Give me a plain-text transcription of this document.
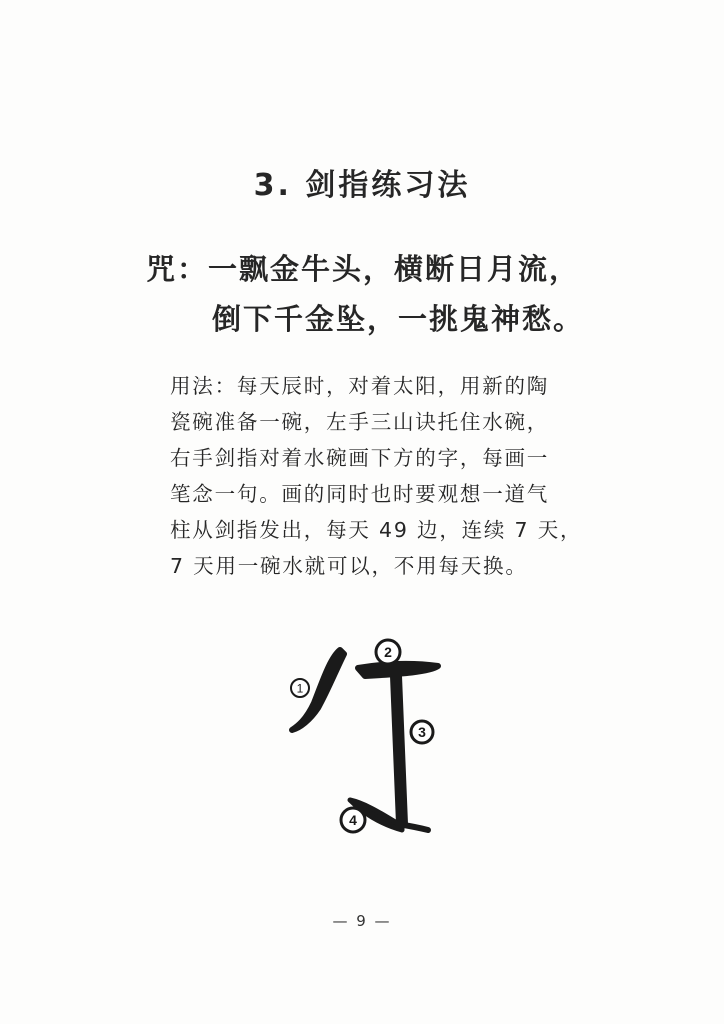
3. 剑指练习法
咒：一飘金牛头，横断日月流，
倒下千金坠，一挑鬼神愁。

用法：每天辰时，对着太阳，用新的陶

瓷碗准备一碗，左手三山诀托住水碗，

右手剑指对着水碗画下方的字，每画一

笔念一句。画的同时也时要观想一道气

柱从剑指发出，每天 49 边，连续 7 天，

7 天用一碗水就可以，不用每天换。

1
2
3
4
— 9 —
